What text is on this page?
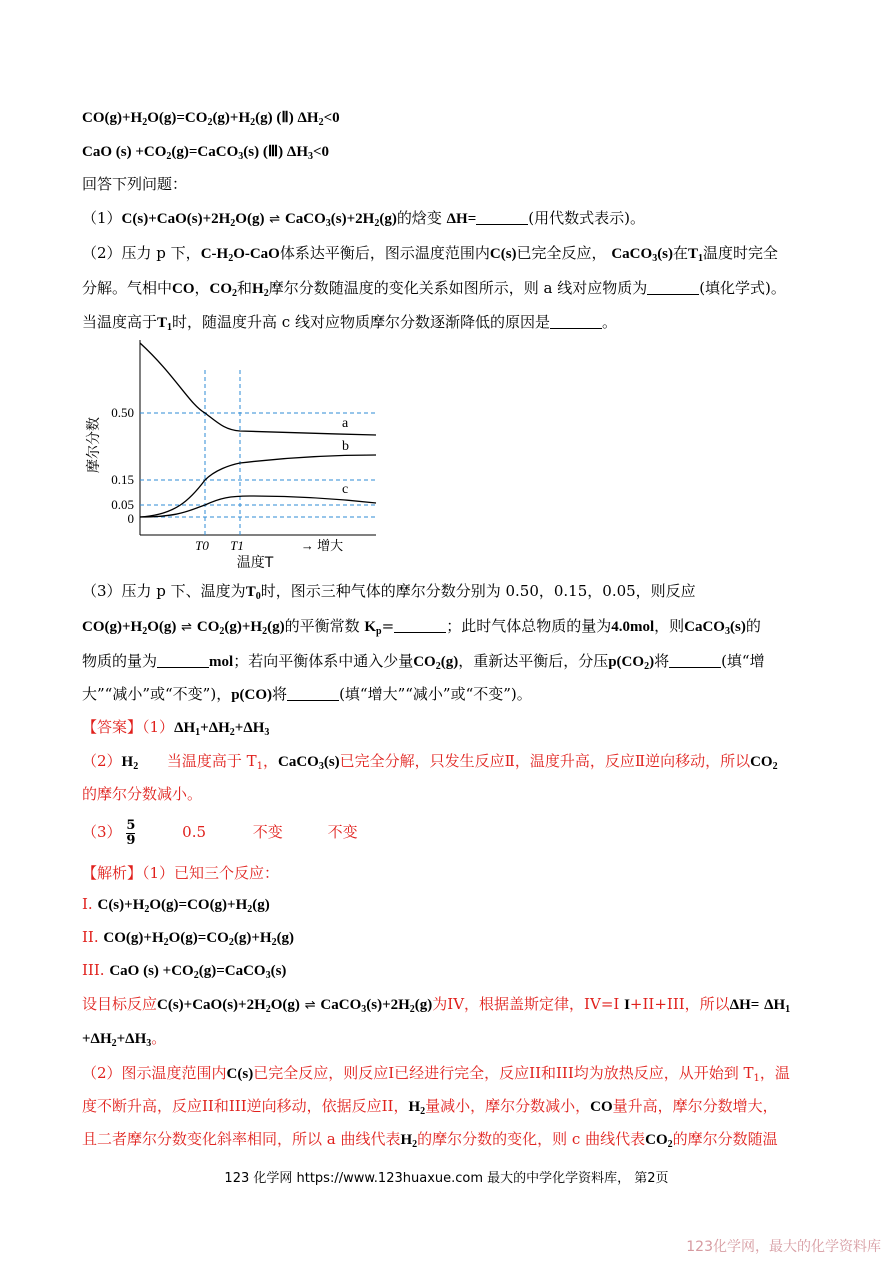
$CO(g)+H_2O(g)=CO_2(g)+H_2(g)$ (Ⅱ) $\Delta H_2<0$
CaO $(s) +CO_2(g)=CaCO_3(s)$ (Ⅲ) $\Delta H_3<0$
回答下列问题：
$(1)C(s)+CaO(s)+2H_2O(g)$ ⇌ $CaCO_3(s)+2H_2(g)$的焓变 ΔH=	(用代数式表示)。
（2）压力 p 下，$C-H_2O$-CaO体系达平衡后，图示温度范围内C(s)已完全反应， CaCO$_3$(s)在$T_1$温度时完全
分解。气相中CO，$CO_2$和$H_2$摩尔分数随温度的变化关系如图所示，则 a 线对应物质为	(填化学式)。
当温度高于$T_1$时，随温度升高 c 线对应物质摩尔分数逐渐降低的原因是	。
0.50
0.15
0.05
0
a
b
c
T0 T1	→ 增大
温度T
摩尔分数
（3）压力 p 下、温度为$T_0$时，图示三种气体的摩尔分数分别为 0.50，0.15，0.05，则反应
$CO(g)+H_2O(g)$ ⇌ $CO_2(g)+H_2(g)$的平衡常数 $K_p=$	；此时气体总物质的量为4.0mol，则CaCO$_3$(s)的
物质的量为	mol；若向平衡体系中通入少量$CO_2(g)$，重新达平衡后，分压$p(CO_2)$将	(填“增
大”“减小”或“不变”)，p(CO)将	(填“增大”“减小”或“不变”)。
【答案】$(1)\Delta H_1+\Delta H_2+\Delta H_3$
$(2)H_2$ 当温度高于 $T_1$，CaCO$_3$(s)已完全分解，只发生反应Ⅱ，温度升高，反应Ⅱ逆向移动，所以$CO_2$
的摩尔分数减小。
$(3) \frac{5}{9}$	0.5	不变	不变
【解析】（1）已知三个反应：
I. $C(s)+H_2O(g)=CO(g)+H_2(g)$
II. $CO(g)+H_2O(g)=CO_2(g)+H_2(g)$
III. CaO $(s) +CO_2(g)=CaCO_3(s)$
设目标反应$C(s)+CaO(s)+2H_2O(g)$ ⇌ $CaCO_3(s)+2H_2(g)$为IV，根据盖斯定律，IV=I I+II+III，所以$\Delta H= \Delta H_1$
$+\Delta H_2+\Delta H_3$。
（2）图示温度范围内C(s)已完全反应，则反应I已经进行完全，反应II和III均为放热反应，从开始到 $T_1$，温
度不断升高，反应II和III逆向移动，依据反应II，$H_2$量减小，摩尔分数减小，CO量升高，摩尔分数增大，
且二者摩尔分数变化斜率相同，所以 a 曲线代表$H_2$的摩尔分数的变化，则 c 曲线代表$CO_2$的摩尔分数随温
123 化学网 https://www.123huaxue.com 最大的中学化学资料库， 第2页
123化学网，最大的化学资料库
